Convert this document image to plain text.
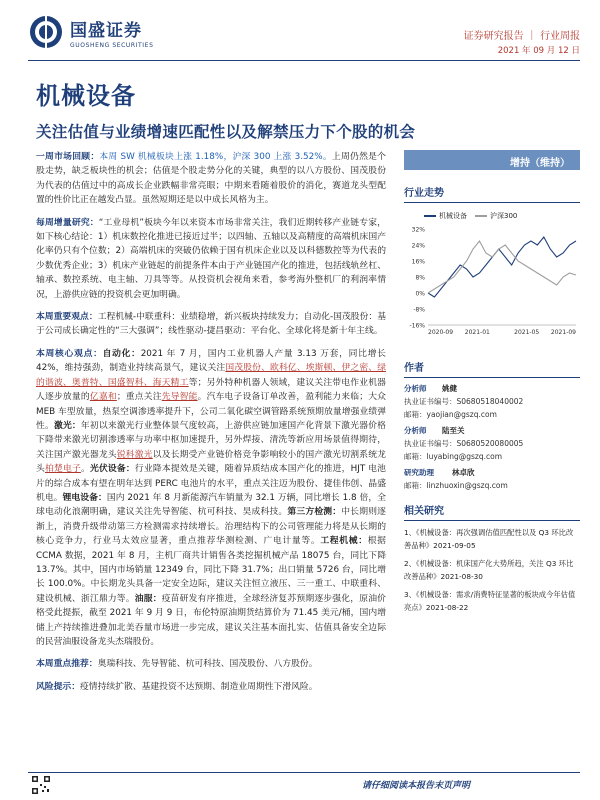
国盛证券
GUOSHENG SECURITIES
证券研究报告 ｜ 行业周报
2021 年 09 月 12 日
机械设备
关注估值与业绩增速匹配性以及解禁压力下个股的机会
一周市场回顾：本周 SW 机械板块上涨 1.18%，沪深 300 上涨 3.52%。上周仍然是个股走势，缺乏板块性的机会；估值是个股走势分化的关键，典型的以八方股份、国茂股份为代表的估值过中的高成长企业跌幅非常亮眼；中期来看随着股价的消化，赛道龙头型配置的性价比正在越发凸显。虽然短期还是以中成长风格为主。
每周增量研究：“工业母机”板块今年以来资本市场非常关注，我们近期转移产业链专家，如下核心结论：1）机床数控化推进已接近过半；以四轴、五轴以及高精度的高端机床国产化率仍只有个位数；2）高端机床的突破仍依赖于国有机床企业以及以科德数控等为代表的少数优秀企业；3）机床产业链起的前提条件本由于产业链国产化的推进，包括线轨丝杠、轴承、数控系统、电主轴、刀具等等。从投资机会视角来看，参考海外整机厂的利润率情况，上游供应链的投资机会更加明确。
本周重要观点：工程机械-中联重科：业绩稳增，新兴板块持续发力；自动化-国茂股份：基于公司成长确定性的“三大强调”；线性驱动-捷昌驱动：平台化、全球化将是新十年主线。
本周核心观点：自动化：2021 年 7 月，国内工业机器人产量 3.13 万套，同比增长 42%，维持强劲，制造业持续高景气，建议关注国茂股份、欧科亿、埃斯顿、伊之密、绿的谐波、奥普特、国盛智科、海天精工等；另外特种机器人领域，建议关注带电作业机器人逐步放量的亿嘉和；重点关注先导智能。汽车电子设备订单改善，盈利能力来临；大众 MEB 车型放量，热泵空调渗透率提升下，公司二氧化碳空调管路系统预期放量增强业绩弹性。激光：年初以来激光行业整体景气度较高，上游供应链加速国产化背景下激光器价格下降带来激光切割渗透率与功率中枢加速提升，另外焊接、清洗等新应用场景值得期待，关注国产激光器龙头锐科激光以及长期受产业链价格竞争影响较小的国产激光切割系统龙头柏楚电子。光伏设备：行业降本提效是关键，随着异质结成本国产化的推进，HJT 电池片的综合成本有望在明年达到 PERC 电池片的水平，重点关注迈为股份、捷佳伟创、晶盛机电。锂电设备：国内 2021 年 8 月新能源汽车销量为 32.1 万辆，同比增长 1.8 倍，全球电动化浪潮明确，建议关注先导智能、杭可科技、昊成科技。第三方检测：中长期则逐渐上，消费升级带动第三方检测需求持续增长。治理结构下的公司管理能力将是从长期的核心竞争力，行业马太效应显著，重点推荐华测检测、广电计量等。工程机械：根据 CCMA 数据，2021 年 8 月，主机厂商共计销售各类挖掘机械产品 18075 台，同比下降 13.7%。其中，国内市场销量 12349 台，同比下降 31.7%；出口销量 5726 台，同比增长 100.0%。中长期龙头具备一定安全边际，建议关注恒立液压、三一重工、中联重科、建设机械、浙江鼎力等。油服：疫苗研发有序推进，全球经济复苏预期逐步强化，原油价格受此提振，截至 2021 年 9 月 9 日，布伦特原油期货结算价为 71.45 美元/桶，国内增储上产持续推进叠加北美吞量市场进一步完成，建议关注基本面扎实、估值具备安全边际的民营油服设备龙头杰瑞股份。
本周重点推荐：奥瑞科技、先导智能、杭可科技、国茂股份、八方股份。
风险提示：疫情持续扩散、基建投资不达预期、制造业周期性下滑风险。
增持（维持）
行业走势
机械设备	沪深300
32%
24%
16%
8%
0%
-8%
-16%
2020-09 2021-01	2021-05 2021-09
作者
分析师	姚健
执业证书编号：S0680518040002
邮箱：yaojian@gszq.com
分析师	陆至关
执业证书编号：S0680520080005
邮箱：luyabing@gszq.com
研究助理	林卓欣
邮箱：linzhuoxin@gszq.com
相关研究
1、《机械设备：再次强调估值匹配性以及 Q3 环比改善品种》2021-09-05
2、《机械设备：机床国产化大势所趋，关注 Q3 环比改善品种》2021-08-30
3、《机械设备：需求/消费特征显著的板块成今年估值亮点》2021-08-22
请仔细阅读本报告末页声明
